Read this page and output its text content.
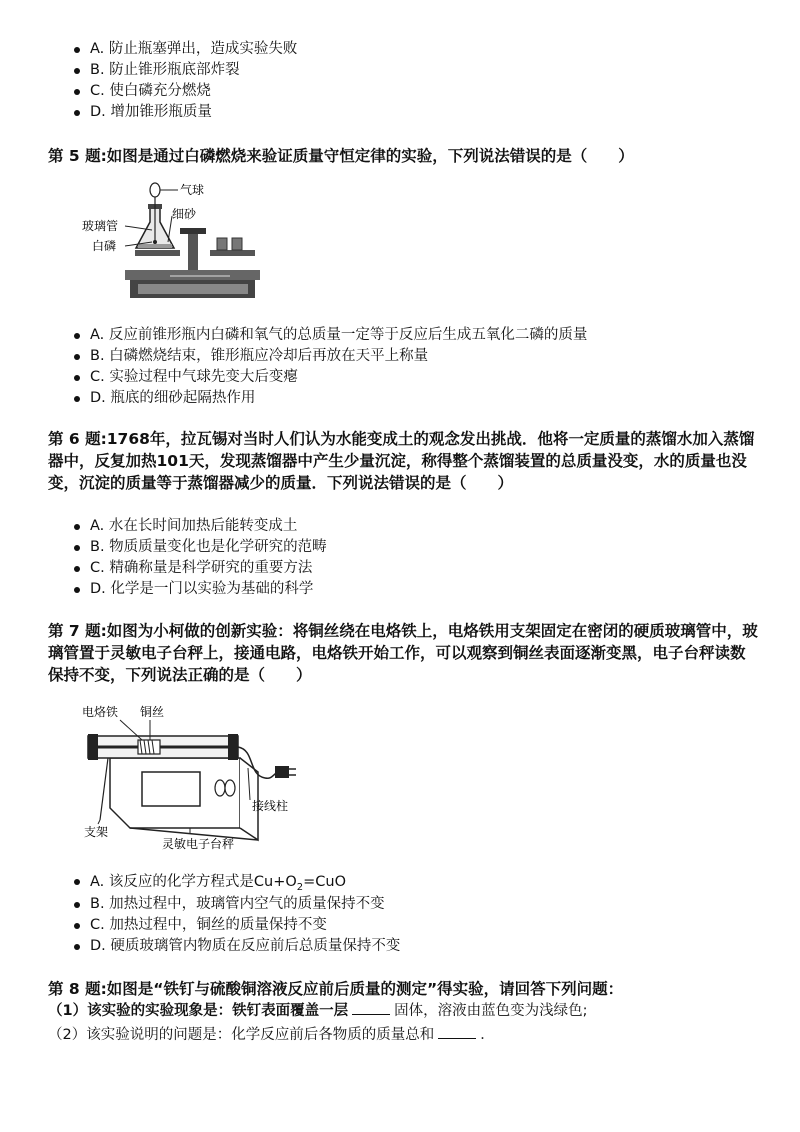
A. 防止瓶塞弹出，造成实验失败
B. 防止锥形瓶底部炸裂
C. 使白磷充分燃烧
D. 增加锥形瓶质量
第 5 题:如图是通过白磷燃烧来验证质量守恒定律的实验，下列说法错误的是（　　）
气球
细砂
玻璃管
白磷
A. 反应前锥形瓶内白磷和氧气的总质量一定等于反应后生成五氧化二磷的质量
B. 白磷燃烧结束，锥形瓶应冷却后再放在天平上称量
C. 实验过程中气球先变大后变瘪
D. 瓶底的细砂起隔热作用
第 6 题:1768年，拉瓦锡对当时人们认为水能变成土的观念发出挑战．他将一定质量的蒸馏水加入蒸馏器中，反复加热101天，发现蒸馏器中产生少量沉淀，称得整个蒸馏装置的总质量没变，水的质量也没变，沉淀的质量等于蒸馏器减少的质量．下列说法错误的是（　　）
A. 水在长时间加热后能转变成土
B. 物质质量变化也是化学研究的范畴
C. 精确称量是科学研究的重要方法
D. 化学是一门以实验为基础的科学
第 7 题:如图为小柯做的创新实验：将铜丝绕在电烙铁上，电烙铁用支架固定在密闭的硬质玻璃管中，玻璃管置于灵敏电子台秤上，接通电路，电烙铁开始工作，可以观察到铜丝表面逐渐变黑，电子台秤读数保持不变，下列说法正确的是（　　）
电烙铁 铜丝
接线柱
支架
灵敏电子台秤
A. 该反应的化学方程式是$Cu+O_2=CuO$
B. 加热过程中，玻璃管内空气的质量保持不变
C. 加热过程中，铜丝的质量保持不变
D. 硬质玻璃管内物质在反应前后总质量保持不变
第 8 题:如图是“铁钉与硫酸铜溶液反应前后质量的测定”得实验，请回答下列问题：
（1）该实验的实验现象是：铁钉表面覆盖一层	固体，溶液由蓝色变为浅绿色;
（2）该实验说明的问题是：化学反应前后各物质的质量总和	．
